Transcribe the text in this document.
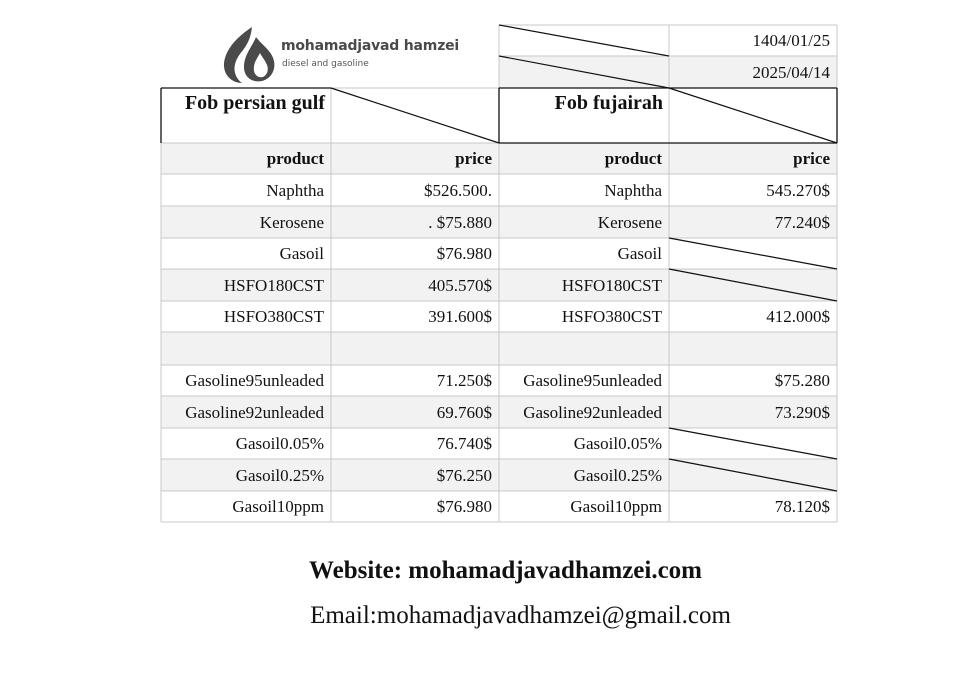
mohamadjavad hamzei
diesel and gasoline
1404/01/25
2025/04/14
Fob persian gulf	Fob fujairah
product	price	product	price
Naphtha	$526.500.	Naphtha	545.270$
Kerosene	. $75.880	Kerosene	77.240$
Gasoil	$76.980	Gasoil
HSFO180CST	405.570$	HSFO180CST
HSFO380CST	391.600$	HSFO380CST	412.000$
Gasoline95unleaded	71.250$	Gasoline95unleaded	$75.280
Gasoline92unleaded	69.760$	Gasoline92unleaded	73.290$
Gasoil0.05%	76.740$	Gasoil0.05%
Gasoil0.25%	$76.250	Gasoil0.25%
Gasoil10ppm	$76.980	Gasoil10ppm	78.120$
Website: mohamadjavadhamzei.com
Email:mohamadjavadhamzei@gmail.com
